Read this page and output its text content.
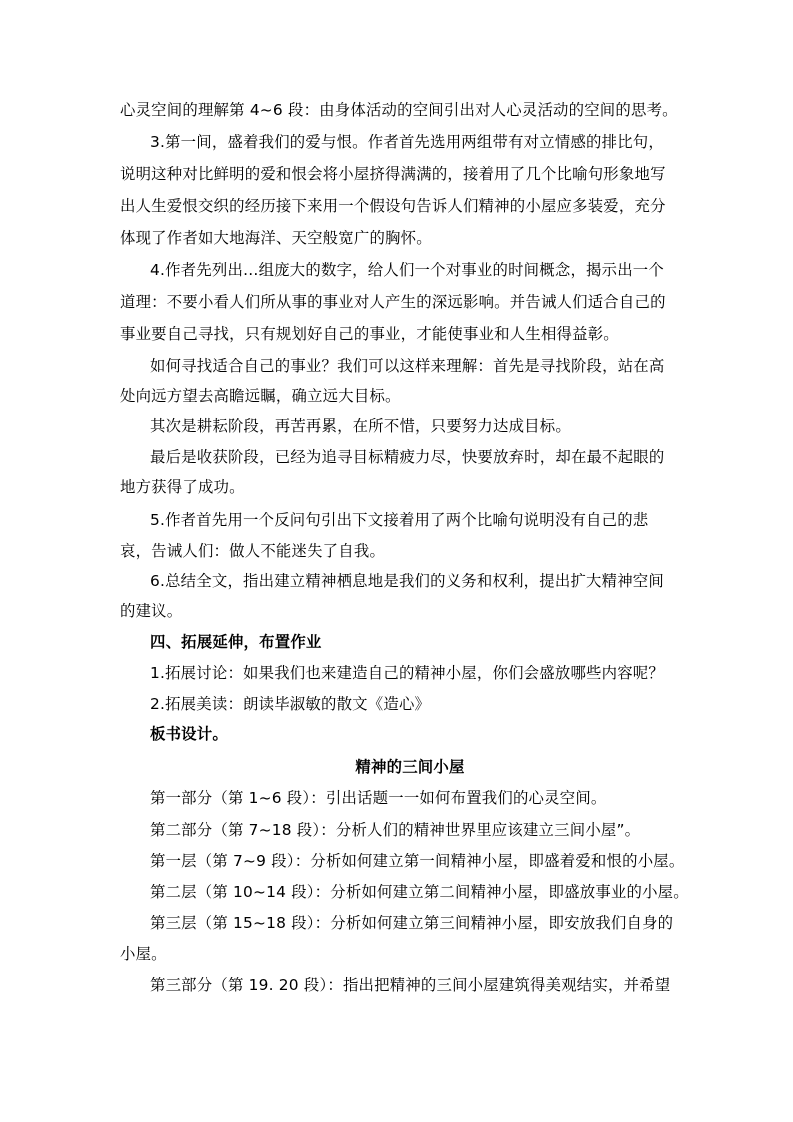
心灵空间的理解第 4~6 段：由身体活动的空间引出对人心灵活动的空间的思考。
3.第一间，盛着我们的爱与恨。作者首先选用两组带有对立情感的排比句，
说明这种对比鲜明的爱和恨会将小屋挤得满满的，接着用了几个比喻句形象地写
出人生爱恨交织的经历接下来用一个假设句告诉人们精神的小屋应多装爱，充分
体现了作者如大地海洋、天空般宽广的胸怀。
4.作者先列出…组庞大的数字，给人们一个对事业的时间概念，揭示出一个
道理：不要小看人们所从事的事业对人产生的深远影响。并告诫人们适合自己的
事业要自己寻找，只有规划好自己的事业，才能使事业和人生相得益彰。
如何寻找适合自己的事业？我们可以这样来理解：首先是寻找阶段，站在高
处向远方望去高瞻远瞩，确立远大目标。
其次是耕耘阶段，再苦再累，在所不惜，只要努力达成目标。
最后是收获阶段，已经为追寻目标精疲力尽，快要放弃时，却在最不起眼的
地方获得了成功。
5.作者首先用一个反问句引出下文接着用了两个比喻句说明没有自己的悲
哀，告诫人们：做人不能迷失了自我。
6.总结全文，指出建立精神栖息地是我们的义务和权利，提出扩大精神空间
的建议。
四、拓展延伸，布置作业
1.拓展讨论：如果我们也来建造自己的精神小屋，你们会盛放哪些内容呢？
2.拓展美读：朗读毕淑敏的散文《造心》
板书设计。
精神的三间小屋
第一部分（第 1~6 段）：引出话题一一如何布置我们的心灵空间。
第二部分（第 7~18 段）：分析人们的精神世界里应该建立三间小屋”。
第一层（第 7~9 段）：分析如何建立第一间精神小屋，即盛着爱和恨的小屋。
第二层（第 10~14 段）：分析如何建立第二间精神小屋，即盛放事业的小屋。
第三层（第 15~18 段）：分析如何建立第三间精神小屋，即安放我们自身的
小屋。
第三部分（第 19. 20 段）：指出把精神的三间小屋建筑得美观结实，并希望
